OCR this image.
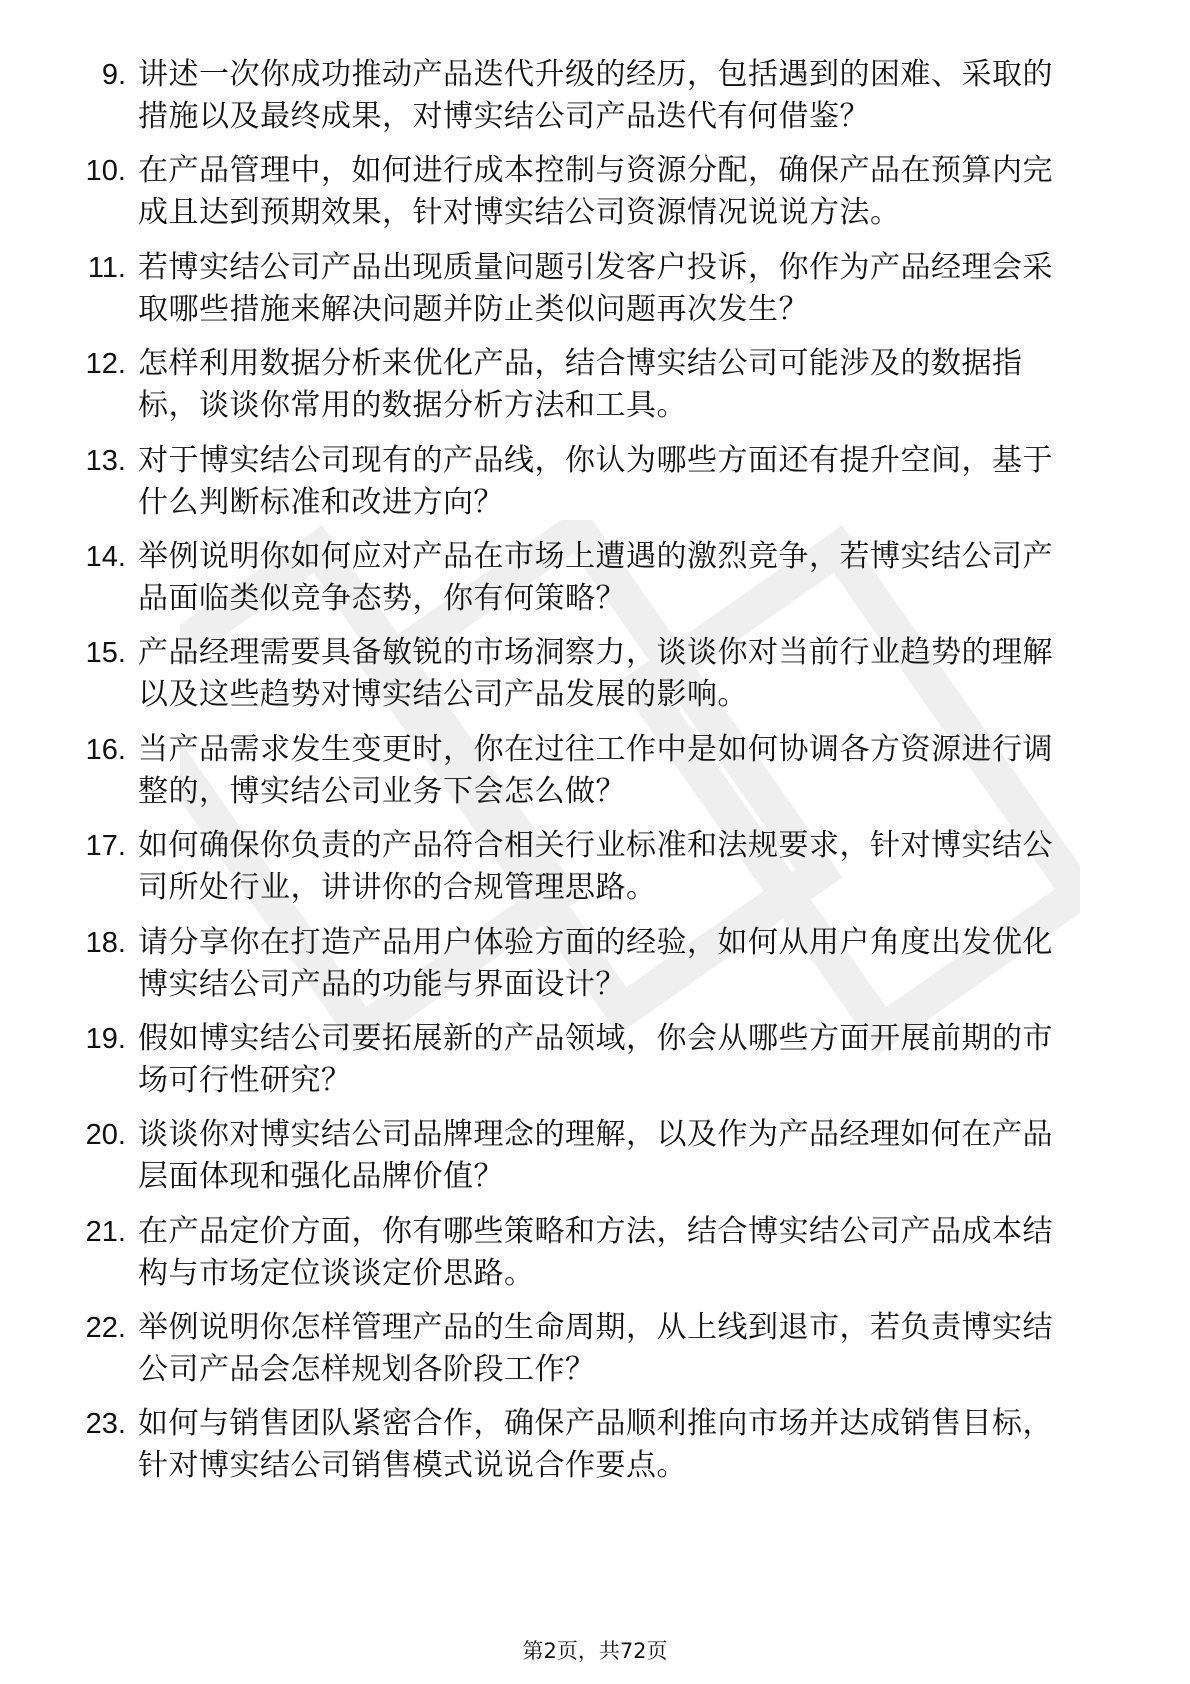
9. 讲述一次你成功推动产品迭代升级的经历，包括遇到的困难、采取的措施以及最终成果，对博实结公司产品迭代有何借鉴？
10. 在产品管理中，如何进行成本控制与资源分配，确保产品在预算内完成且达到预期效果，针对博实结公司资源情况说说方法。
11. 若博实结公司产品出现质量问题引发客户投诉，你作为产品经理会采取哪些措施来解决问题并防止类似问题再次发生？
12. 怎样利用数据分析来优化产品，结合博实结公司可能涉及的数据指标，谈谈你常用的数据分析方法和工具。
13. 对于博实结公司现有的产品线，你认为哪些方面还有提升空间，基于什么判断标准和改进方向？
14. 举例说明你如何应对产品在市场上遭遇的激烈竞争，若博实结公司产品面临类似竞争态势，你有何策略？
15. 产品经理需要具备敏锐的市场洞察力，谈谈你对当前行业趋势的理解以及这些趋势对博实结公司产品发展的影响。
16. 当产品需求发生变更时，你在过往工作中是如何协调各方资源进行调整的，博实结公司业务下会怎么做？
17. 如何确保你负责的产品符合相关行业标准和法规要求，针对博实结公司所处行业，讲讲你的合规管理思路。
18. 请分享你在打造产品用户体验方面的经验，如何从用户角度出发优化博实结公司产品的功能与界面设计？
19. 假如博实结公司要拓展新的产品领域，你会从哪些方面开展前期的市场可行性研究？
20. 谈谈你对博实结公司品牌理念的理解，以及作为产品经理如何在产品层面体现和强化品牌价值？
21. 在产品定价方面，你有哪些策略和方法，结合博实结公司产品成本结构与市场定位谈谈定价思路。
22. 举例说明你怎样管理产品的生命周期，从上线到退市，若负责博实结公司产品会怎样规划各阶段工作？
23. 如何与销售团队紧密合作，确保产品顺利推向市场并达成销售目标，针对博实结公司销售模式说说合作要点。
第2页，共72页
